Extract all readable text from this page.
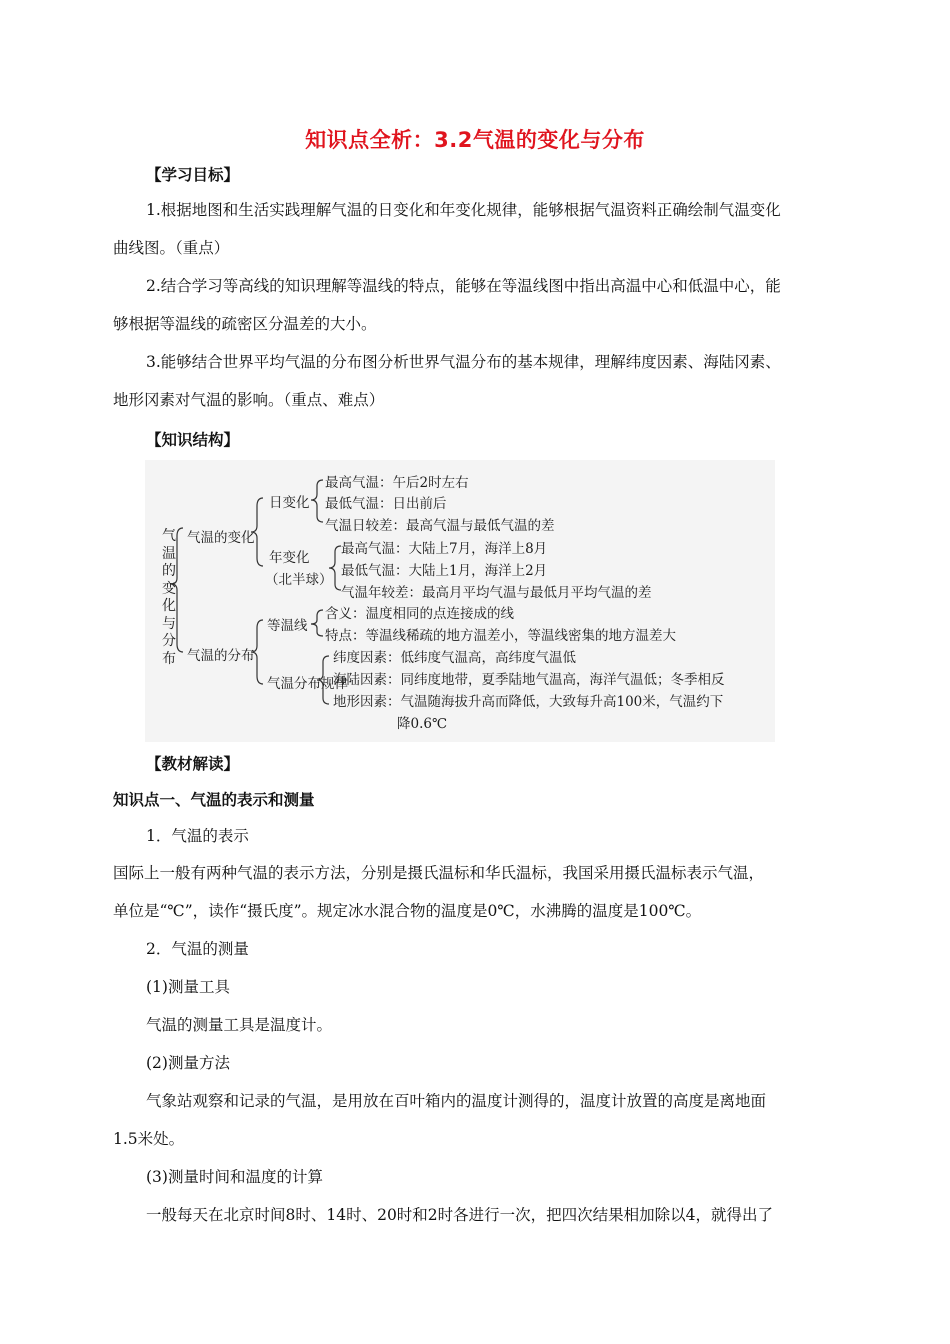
知识点全析：3.2气温的变化与分布
【学习目标】
1.根据地图和生活实践理解气温的日变化和年变化规律，能够根据气温资料正确绘制气温变化
曲线图。（重点）
2.结合学习等高线的知识理解等温线的特点，能够在等温线图中指出高温中心和低温中心，能
够根据等温线的疏密区分温差的大小。
3.能够结合世界平均气温的分布图分析世界气温分布的基本规律，理解纬度因素、海陆冈素、
地形冈素对气温的影响。（重点、难点）
【知识结构】
气温的变化与分布
气温的变化
日变化
最高气温：午后2时左右
最低气温：日出前后
气温日较差：最高气温与最低气温的差
年变化
（北半球）
最高气温：大陆上7月，海洋上8月
最低气温：大陆上1月，海洋上2月
气温年较差：最高月平均气温与最低月平均气温的差
气温的分布
等温线
含义：温度相同的点连接成的线
特点：等温线稀疏的地方温差小，等温线密集的地方温差大
气温分布规律
纬度因素：低纬度气温高，高纬度气温低
海陆因素：同纬度地带，夏季陆地气温高，海洋气温低；冬季相反
地形因素：气温随海拔升高而降低，大致每升高100米，气温约下
降0.6℃
【教材解读】
知识点一、气温的表示和测量
1．气温的表示
国际上一般有两种气温的表示方法，分别是摄氏温标和华氏温标，我国采用摄氏温标表示气温，
单位是“℃”，读作“摄氏度”。规定冰水混合物的温度是0℃，水沸腾的温度是100℃。
2．气温的测量
(1)测量工具
气温的测量工具是温度计。
(2)测量方法
气象站观察和记录的气温，是用放在百叶箱内的温度计测得的，温度计放置的高度是离地面
1.5米处。
(3)测量时间和温度的计算
一般每天在北京时间8时、14时、20时和2时各进行一次，把四次结果相加除以4，就得出了
